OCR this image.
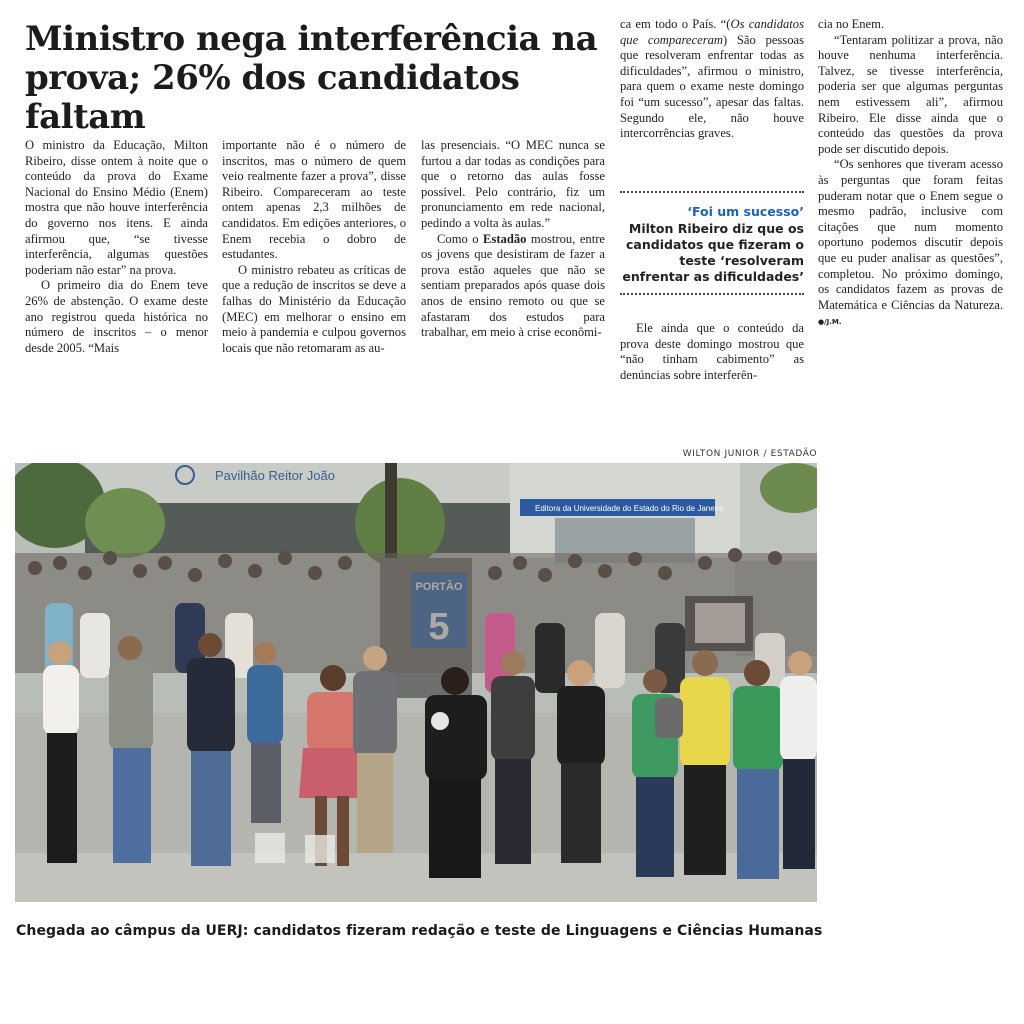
Ministro nega interferência na prova; 26% dos candidatos faltam

O ministro da Educação, Milton Ribeiro, disse ontem à noite que o conteúdo da prova do Exame Nacional do Ensino Médio (Enem) mostra que não houve interferência do governo nos itens. E ainda afirmou que, “se tivesse interferência, algumas questões poderiam não estar” na prova.

O primeiro dia do Enem teve 26% de abstenção. O exame deste ano registrou queda histórica no número de inscritos – o menor desde 2005. “Mais

importante não é o número de inscritos, mas o número de quem veio realmente fazer a prova”, disse Ribeiro. Compareceram ao teste ontem apenas 2,3 milhões de candidatos. Em edições anteriores, o Enem recebia o dobro de estudantes.

O ministro rebateu as críticas de que a redução de inscritos se deve a falhas do Ministério da Educação (MEC) em melhorar o ensino em meio à pandemia e culpou governos locais que não retomaram as au-

las presenciais. “O MEC nunca se furtou a dar todas as condições para que o retorno das aulas fosse possível. Pelo contrário, fiz um pronunciamento em rede nacional, pedindo a volta às aulas.”

Como o Estadão mostrou, entre os jovens que desistiram de fazer a prova estão aqueles que não se sentiam preparados após quase dois anos de ensino remoto ou que se afastaram dos estudos para trabalhar, em meio à crise econômi-

ca em todo o País. “(Os candidatos que compareceram) São pessoas que resolveram enfrentar todas as dificuldades”, afirmou o ministro, para quem o exame neste domingo foi “um sucesso”, apesar das faltas. Segundo ele, não houve intercorrências graves.

‘Foi um sucesso’
Milton Ribeiro diz que os candidatos que fizeram o teste ‘resolveram enfrentar as dificuldades’

Ele ainda que o conteúdo da prova deste domingo mostrou que “não tinham cabimento” as denúncias sobre interferên-

cia no Enem.

“Tentaram politizar a prova, não houve nenhuma interferência. Talvez, se tivesse interferência, poderia ser que algumas perguntas nem estivessem ali”, afirmou Ribeiro. Ele disse ainda que o conteúdo das questões da prova pode ser discutido depois.

“Os senhores que tiveram acesso às perguntas que foram feitas puderam notar que o Enem segue o mesmo padrão, inclusive com citações que num momento oportuno podemos discutir depois que eu puder analisar as questões”, completou. No próximo domingo, os candidatos fazem as provas de Matemática e Ciências da Natureza. ●/J.M.

WILTON JUNIOR / ESTADÃO
Pavilhão Reitor João
Editora da Universidade do Estado do Rio de Janeiro
Chegada ao câmpus da UERJ: candidatos fizeram redação e teste de Linguagens e Ciências Humanas
